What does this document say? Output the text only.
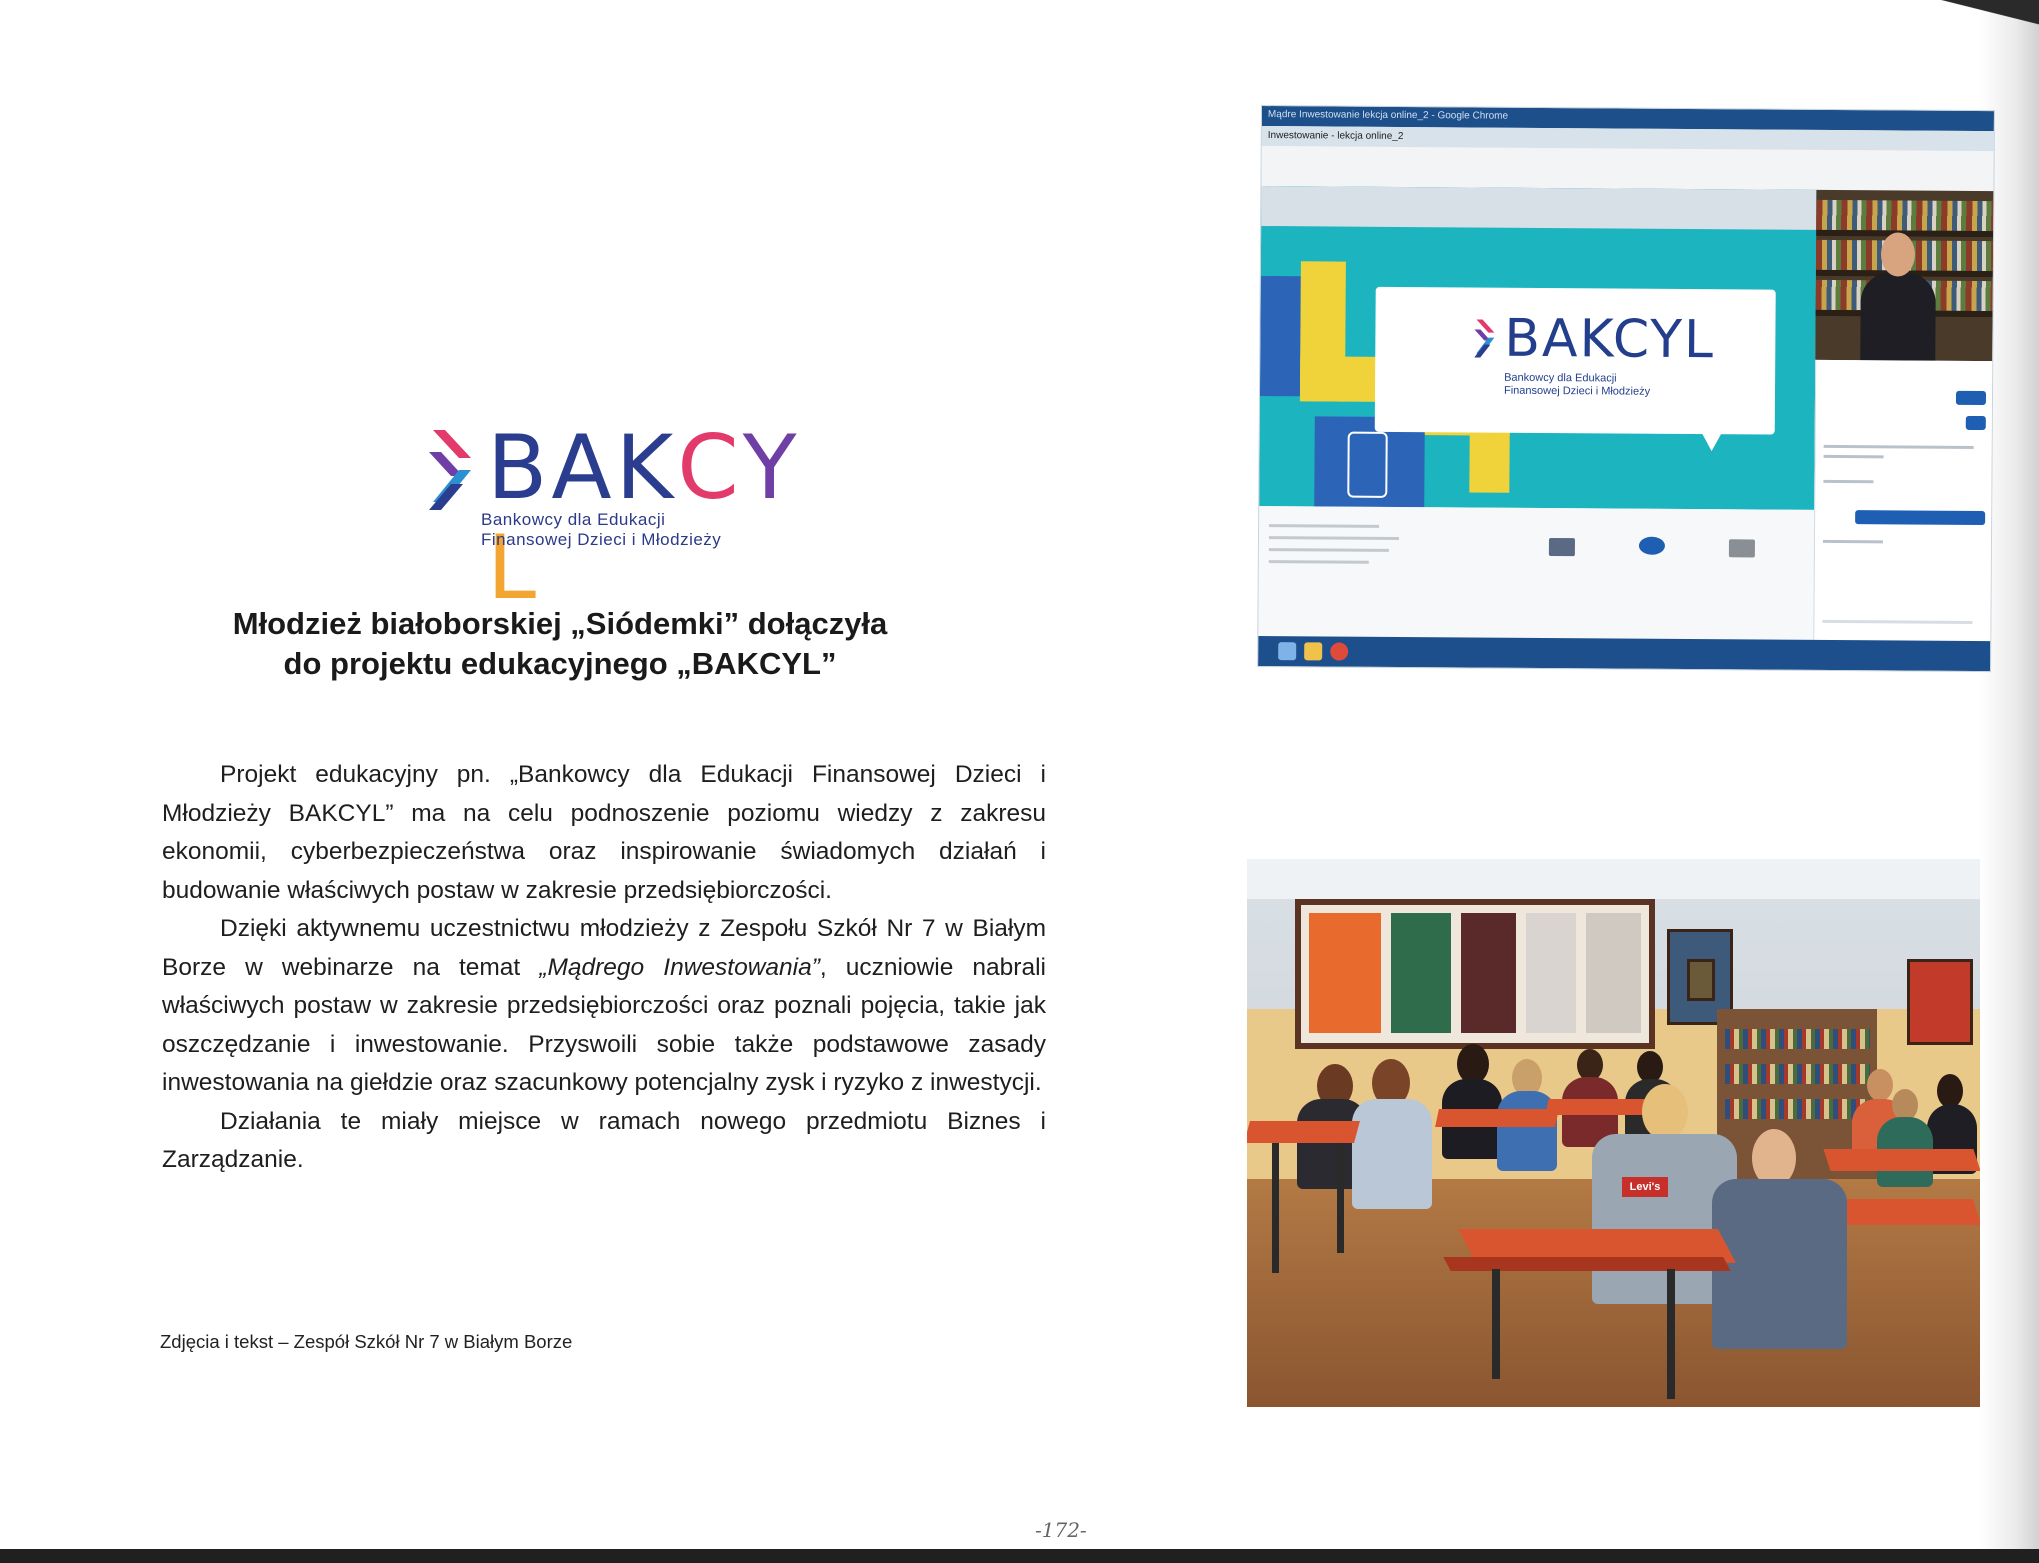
BAKCYL
Bankowcy dla Edukacji
Finansowej Dzieci i Młodzieży
Młodzież białoborskiej „Siódemki” dołączyła
do projektu edukacyjnego „BAKCYL”

Projekt edukacyjny pn. „Bankowcy dla Edukacji Finansowej Dzieci i Młodzieży BAKCYL” ma na celu podnoszenie poziomu wiedzy z zakresu ekonomii, cyberbezpieczeństwa oraz inspirowanie świadomych działań i budowanie właściwych postaw w zakresie przedsiębiorczości.

Dzięki aktywnemu uczestnictwu młodzieży z Zespołu Szkół Nr 7 w Białym Borze w webinarze na temat „Mądrego Inwestowania”, uczniowie nabrali właściwych postaw w zakresie przedsiębiorczości oraz poznali pojęcia, takie jak oszczędzanie i inwestowanie. Przyswoili sobie także podstawowe zasady inwestowania na giełdzie oraz szacunkowy potencjalny zysk i ryzyko z inwestycji.

Działania te miały miejsce w ramach nowego przedmiotu Biznes i Zarządzanie.

Zdjęcia i tekst – Zespół Szkół Nr 7 w Białym Borze
-172-
Mądre Inwestowanie lekcja online_2 - Google Chrome
Inwestowanie - lekcja online_2
BAKCYL
Bankowcy dla Edukacji
Finansowej Dzieci i Młodzieży
Levi's
